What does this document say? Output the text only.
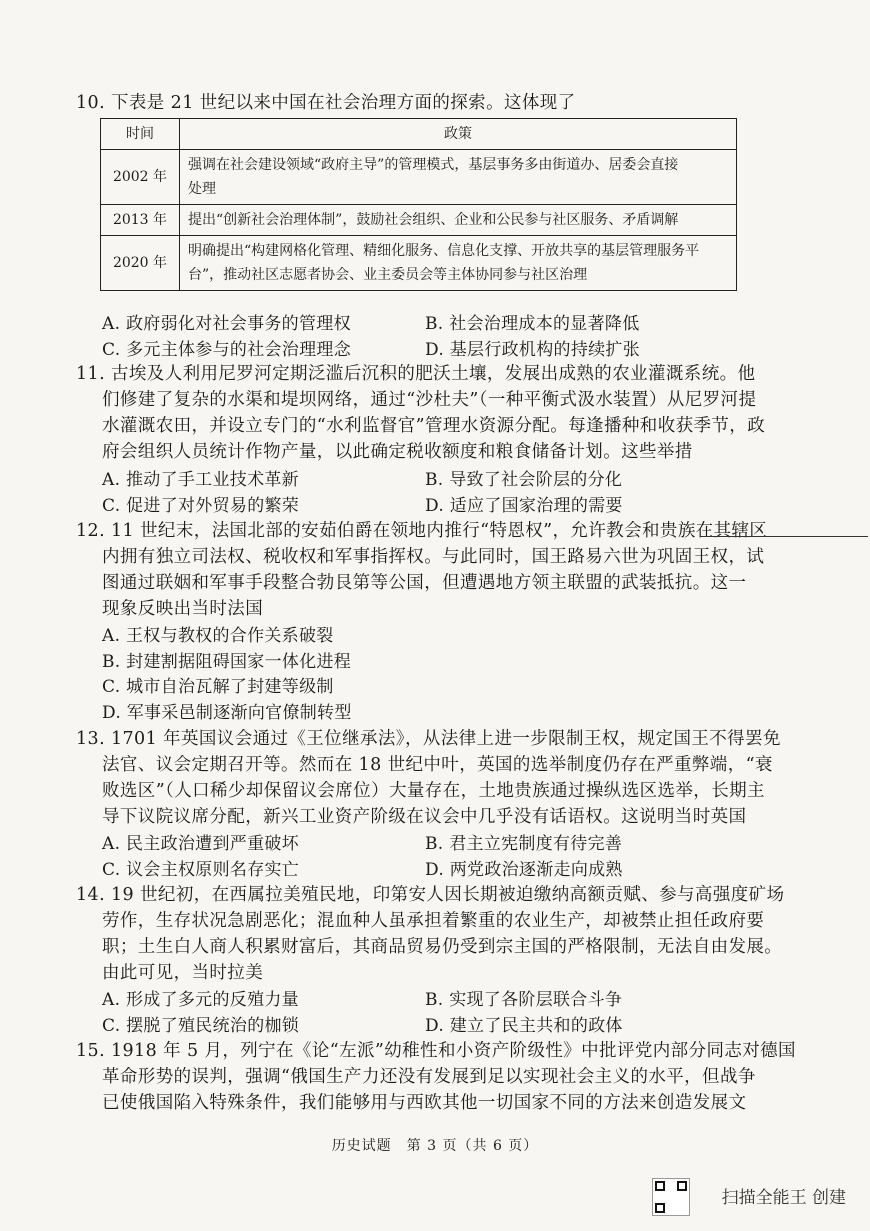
10. 下表是 21 世纪以来中国在社会治理方面的探索。这体现了
时间	政策
2002 年	强调在社会建设领域“政府主导”的管理模式，基层事务多由街道办、居委会直接
处理
2013 年	提出“创新社会治理体制”，鼓励社会组织、企业和公民参与社区服务、矛盾调解
2020 年	明确提出“构建网格化管理、精细化服务、信息化支撑、开放共享的基层管理服务平
台”，推动社区志愿者协会、业主委员会等主体协同参与社区治理
A. 政府弱化对社会事务的管理权	B. 社会治理成本的显著降低
C. 多元主体参与的社会治理理念	D. 基层行政机构的持续扩张
11. 古埃及人利用尼罗河定期泛滥后沉积的肥沃土壤，发展出成熟的农业灌溉系统。他
们修建了复杂的水渠和堤坝网络，通过“沙杜夫”（一种平衡式汲水装置）从尼罗河提
水灌溉农田，并设立专门的“水利监督官”管理水资源分配。每逢播种和收获季节，政
府会组织人员统计作物产量，以此确定税收额度和粮食储备计划。这些举措
A. 推动了手工业技术革新	B. 导致了社会阶层的分化
C. 促进了对外贸易的繁荣	D. 适应了国家治理的需要
12. 11 世纪末，法国北部的安茹伯爵在领地内推行“特恩权”，允许教会和贵族在其辖区
内拥有独立司法权、税收权和军事指挥权。与此同时，国王路易六世为巩固王权，试
图通过联姻和军事手段整合勃艮第等公国，但遭遇地方领主联盟的武装抵抗。这一
现象反映出当时法国
A. 王权与教权的合作关系破裂
B. 封建割据阻碍国家一体化进程
C. 城市自治瓦解了封建等级制
D. 军事采邑制逐渐向官僚制转型
13. 1701 年英国议会通过《王位继承法》，从法律上进一步限制王权，规定国王不得罢免
法官、议会定期召开等。然而在 18 世纪中叶，英国的选举制度仍存在严重弊端，“衰
败选区”（人口稀少却保留议会席位）大量存在，土地贵族通过操纵选区选举，长期主
导下议院议席分配，新兴工业资产阶级在议会中几乎没有话语权。这说明当时英国
A. 民主政治遭到严重破坏	B. 君主立宪制度有待完善
C. 议会主权原则名存实亡	D. 两党政治逐渐走向成熟
14. 19 世纪初，在西属拉美殖民地，印第安人因长期被迫缴纳高额贡赋、参与高强度矿场
劳作，生存状况急剧恶化；混血种人虽承担着繁重的农业生产，却被禁止担任政府要
职；土生白人商人积累财富后，其商品贸易仍受到宗主国的严格限制，无法自由发展。
由此可见，当时拉美
A. 形成了多元的反殖力量	B. 实现了各阶层联合斗争
C. 摆脱了殖民统治的枷锁	D. 建立了民主共和的政体
15. 1918 年 5 月，列宁在《论“左派”幼稚性和小资产阶级性》中批评党内部分同志对德国
革命形势的误判，强调“俄国生产力还没有发展到足以实现社会主义的水平，但战争
已使俄国陷入特殊条件，我们能够用与西欧其他一切国家不同的方法来创造发展文
历史试题　第 3 页（共 6 页）
扫描全能王 创建
